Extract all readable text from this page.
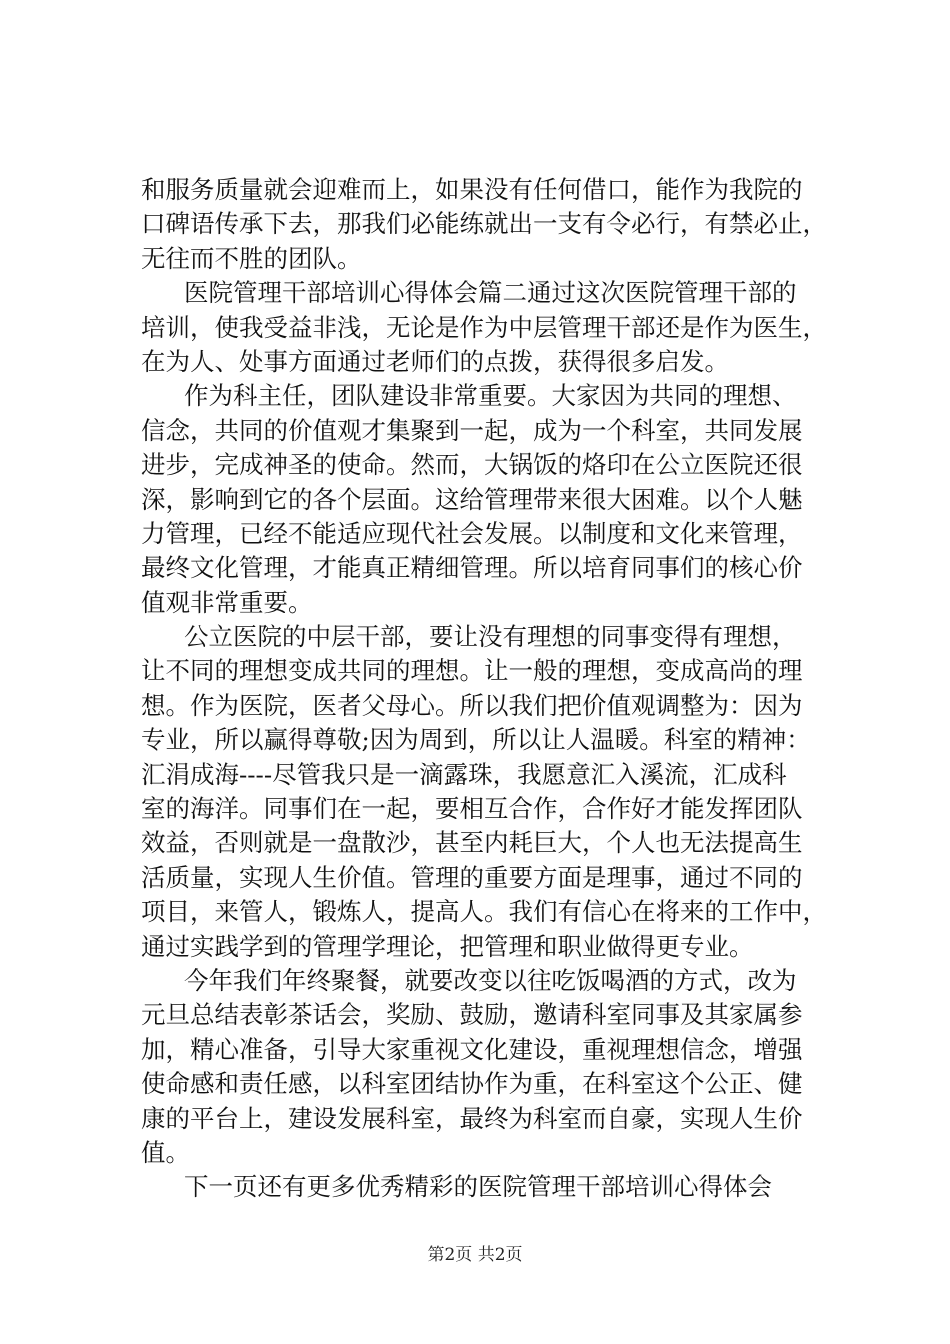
和服务质量就会迎难而上，如果没有任何借口，能作为我院的
口碑语传承下去，那我们必能练就出一支有令必行，有禁必止，
无往而不胜的团队。
医院管理干部培训心得体会篇二通过这次医院管理干部的
培训，使我受益非浅，无论是作为中层管理干部还是作为医生，
在为人、处事方面通过老师们的点拨，获得很多启发。
作为科主任，团队建设非常重要。大家因为共同的理想、
信念，共同的价值观才集聚到一起，成为一个科室，共同发展
进步，完成神圣的使命。然而，大锅饭的烙印在公立医院还很
深，影响到它的各个层面。这给管理带来很大困难。以个人魅
力管理，已经不能适应现代社会发展。以制度和文化来管理，
最终文化管理，才能真正精细管理。所以培育同事们的核心价
值观非常重要。
公立医院的中层干部，要让没有理想的同事变得有理想，
让不同的理想变成共同的理想。让一般的理想，变成高尚的理
想。作为医院，医者父母心。所以我们把价值观调整为：因为
专业，所以赢得尊敬;因为周到，所以让人温暖。科室的精神：
汇涓成海----尽管我只是一滴露珠，我愿意汇入溪流，汇成科
室的海洋。同事们在一起，要相互合作，合作好才能发挥团队
效益，否则就是一盘散沙，甚至内耗巨大，个人也无法提高生
活质量，实现人生价值。管理的重要方面是理事，通过不同的
项目，来管人，锻炼人，提高人。我们有信心在将来的工作中，
通过实践学到的管理学理论，把管理和职业做得更专业。
今年我们年终聚餐，就要改变以往吃饭喝酒的方式，改为
元旦总结表彰茶话会，奖励、鼓励，邀请科室同事及其家属参
加，精心准备，引导大家重视文化建设，重视理想信念，增强
使命感和责任感，以科室团结协作为重，在科室这个公正、健
康的平台上，建设发展科室，最终为科室而自豪，实现人生价
值。
下一页还有更多优秀精彩的医院管理干部培训心得体会
第2页 共2页
